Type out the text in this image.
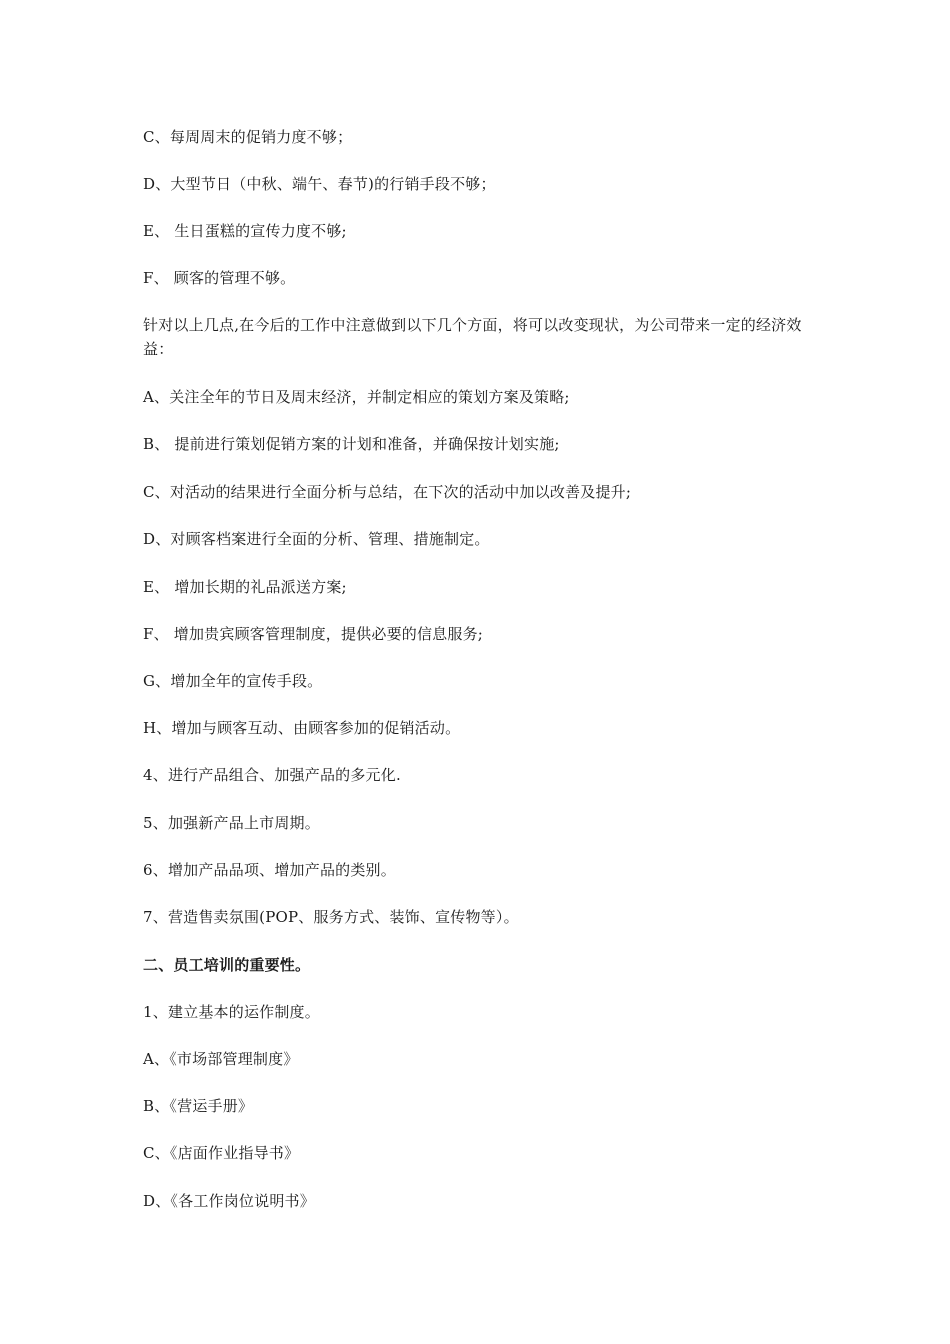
C、每周周末的促销力度不够；
D、大型节日（中秋、端午、春节)的行销手段不够；
E、 生日蛋糕的宣传力度不够;
F、 顾客的管理不够。
针对以上几点,在今后的工作中注意做到以下几个方面，将可以改变现状，为公司带来一定的经济效益：
A、关注全年的节日及周末经济，并制定相应的策划方案及策略;
B、 提前进行策划促销方案的计划和准备，并确保按计划实施;
C、对活动的结果进行全面分析与总结，在下次的活动中加以改善及提升;
D、对顾客档案进行全面的分析、管理、措施制定。
E、 增加长期的礼品派送方案;
F、 增加贵宾顾客管理制度，提供必要的信息服务;
G、增加全年的宣传手段。
H、增加与顾客互动、由顾客参加的促销活动。
4、进行产品组合、加强产品的多元化.
5、加强新产品上市周期。
6、增加产品品项、增加产品的类别。
7、营造售卖氛围(POP、服务方式、装饰、宣传物等）。
二、员工培训的重要性。
1、建立基本的运作制度。
A、《市场部管理制度》
B、《营运手册》
C、《店面作业指导书》
D、《各工作岗位说明书》
